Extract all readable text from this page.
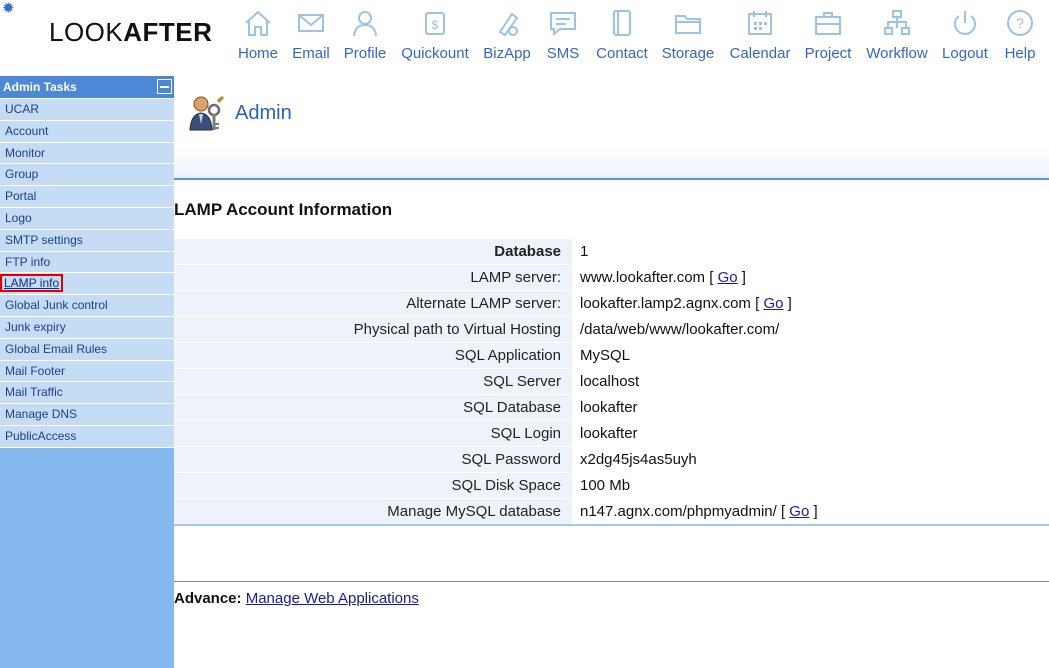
✹
LOOKAFTER
Home Email Profile
$
Quickount BizApp	SMS	Contact Storage	Calendar Project Workflow Logout
?
Help
Admin Tasks
UCAR
Account
Monitor
Group
Portal
Logo
SMTP settings
FTP info
LAMP info
Global Junk control
Junk expiry
Global Email Rules
Mail Footer
Mail Traffic
Manage DNS
PublicAccess
Admin
LAMP Account Information
Database	1
LAMP server:	www.lookafter.com [ Go ]
Alternate LAMP server:	lookafter.lamp2.agnx.com [ Go ]
Physical path to Virtual Hosting	/data/web/www/lookafter.com/
SQL Application	MySQL
SQL Server	localhost
SQL Database	lookafter
SQL Login	lookafter
SQL Password	x2dg45js4as5uyh
SQL Disk Space	100 Mb
Manage MySQL database	n147.agnx.com/phpmyadmin/ [ Go ]
Advance: Manage Web Applications
